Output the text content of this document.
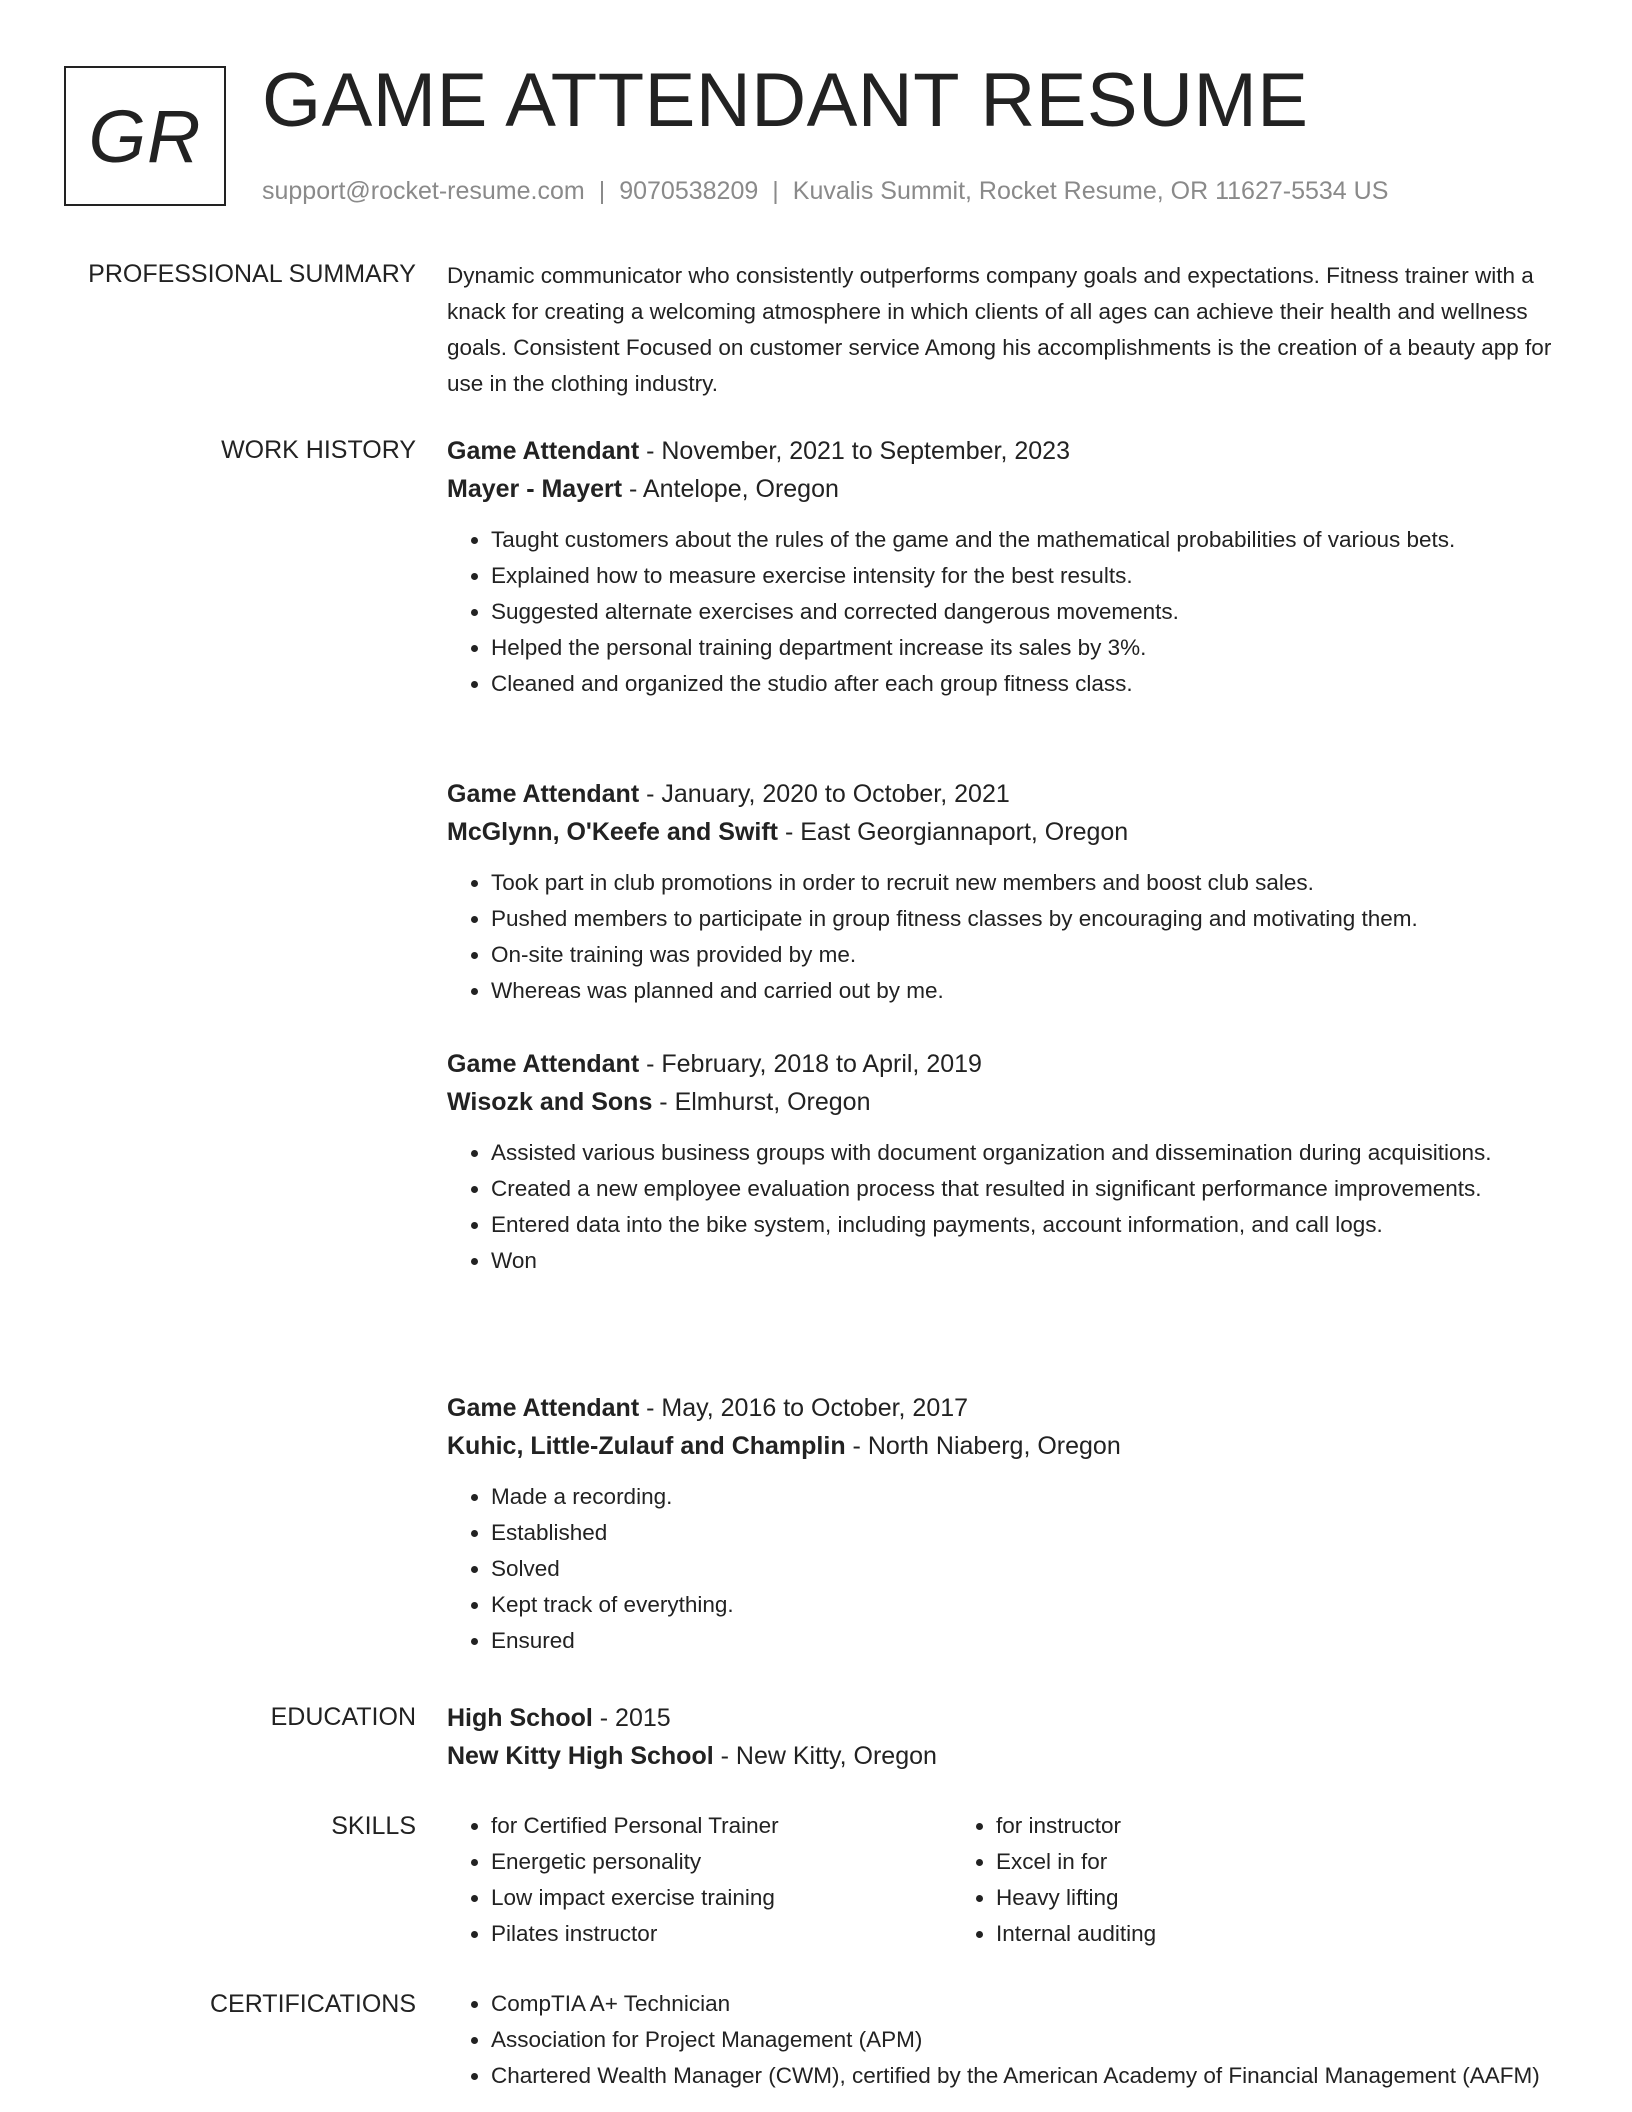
GR GAME ATTENDANT RESUME
support@rocket-resume.com | 9070538209 | Kuvalis Summit, Rocket Resume, OR 11627-5534 US
PROFESSIONAL SUMMARY Dynamic communicator who consistently outperforms company goals and expectations. Fitness trainer with a knack for creating a welcoming atmosphere in which clients of all ages can achieve their health and wellness goals. Consistent Focused on customer service Among his accomplishments is the creation of a beauty app for use in the clothing industry.

WORK HISTORY Game Attendant - November, 2021 to September, 2023
Mayer - Mayert - Antelope, Oregon
• Taught customers about the rules of the game and the mathematical probabilities of various bets.
• Explained how to measure exercise intensity for the best results.
• Suggested alternate exercises and corrected dangerous movements.
• Helped the personal training department increase its sales by 3%.
• Cleaned and organized the studio after each group fitness class.
Game Attendant - January, 2020 to October, 2021
McGlynn, O'Keefe and Swift - East Georgiannaport, Oregon
• Took part in club promotions in order to recruit new members and boost club sales.
• Pushed members to participate in group fitness classes by encouraging and motivating them.
• On-site training was provided by me.
• Whereas was planned and carried out by me.
Game Attendant - February, 2018 to April, 2019
Wisozk and Sons - Elmhurst, Oregon
• Assisted various business groups with document organization and dissemination during acquisitions.
• Created a new employee evaluation process that resulted in significant performance improvements.
• Entered data into the bike system, including payments, account information, and call logs.
• Won
Game Attendant - May, 2016 to October, 2017
Kuhic, Little-Zulauf and Champlin - North Niaberg, Oregon
• Made a recording.
• Established
• Solved
• Kept track of everything.
• Ensured
EDUCATION High School - 2015
New Kitty High School - New Kitty, Oregon
SKILLS	• for Certified Personal Trainer
• Energetic personality
• Low impact exercise training
• Pilates instructor
• for instructor
• Excel in for
• Heavy lifting
• Internal auditing
CERTIFICATIONS	• CompTIA A+ Technician
• Association for Project Management (APM)
• Chartered Wealth Manager (CWM), certified by the American Academy of Financial Management (AAFM)
